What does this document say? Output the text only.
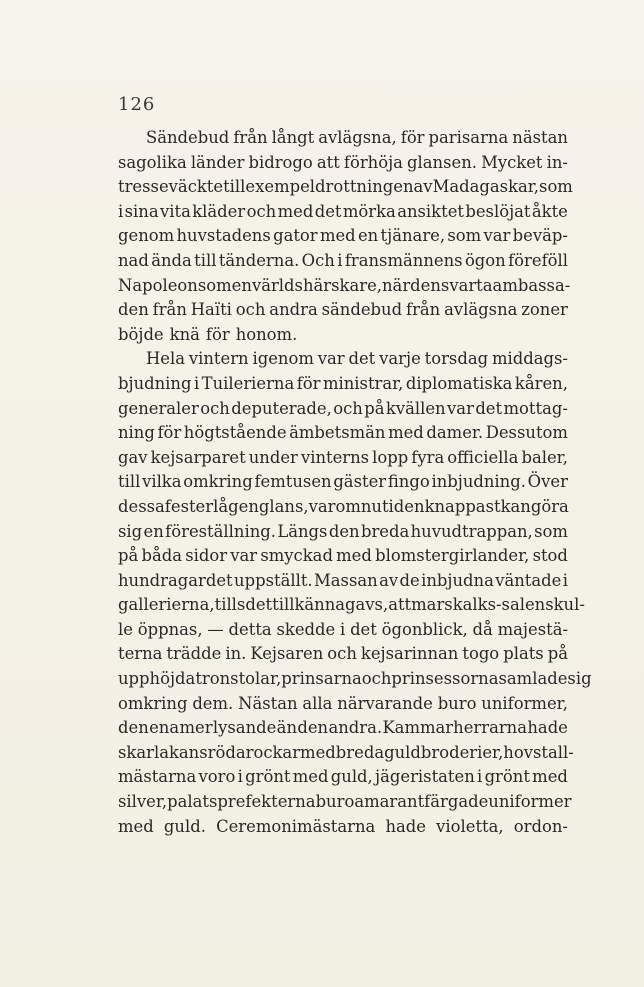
126
Sändebud från långt avlägsna, för parisarna nästan
sagolika länder bidrogo att förhöja glansen. Mycket in-
tresse väckte till exempel drottningen av Madagaskar, som
i sina vita kläder och med det mörka ansiktet beslöjat åkte
genom huvstadens gator med en tjänare, som var beväp-
nad ända till tänderna. Och i fransmännens ögon föreföll
Napoleon som en världshärskare, när den svarta ambassa-
den från Haïti och andra sändebud från avlägsna zoner
böjde knä för honom.
Hela vintern igenom var det varje torsdag middags-
bjudning i Tuilerierna för ministrar, diplomatiska kåren,
generaler och deputerade, och på kvällen var det mottag-
ning för högtstående ämbetsmän med damer. Dessutom
gav kejsarparet under vinterns lopp fyra officiella baler,
till vilka omkring femtusen gäster fingo inbjudning. Över
dessa fester låg en glans, varom nutiden knappast kan göra
sig en föreställning. Längs den breda huvudtrappan, som
på båda sidor var smyckad med blomstergirlander, stod
hundragardet uppställt. Massan av de inbjudna väntade i
gallerierna, tills det tillkännagavs, att marskalks-salen skul-
le öppnas, — detta skedde i det ögonblick, då majestä-
terna trädde in. Kejsaren och kejsarinnan togo plats på
upphöjda tronstolar, prinsarna och prinsessorna samlade sig
omkring dem. Nästan alla närvarande buro uniformer,
den ena mer lysande än den andra. Kammarherrarna hade
skarlakansröda rockar med breda guldbroderier, hovstall-
mästarna voro i grönt med guld, jägeristaten i grönt med
silver, palatsprefekterna buro amarantfärgade uniformer
med guld. Ceremonimästarna hade violetta, ordon-
